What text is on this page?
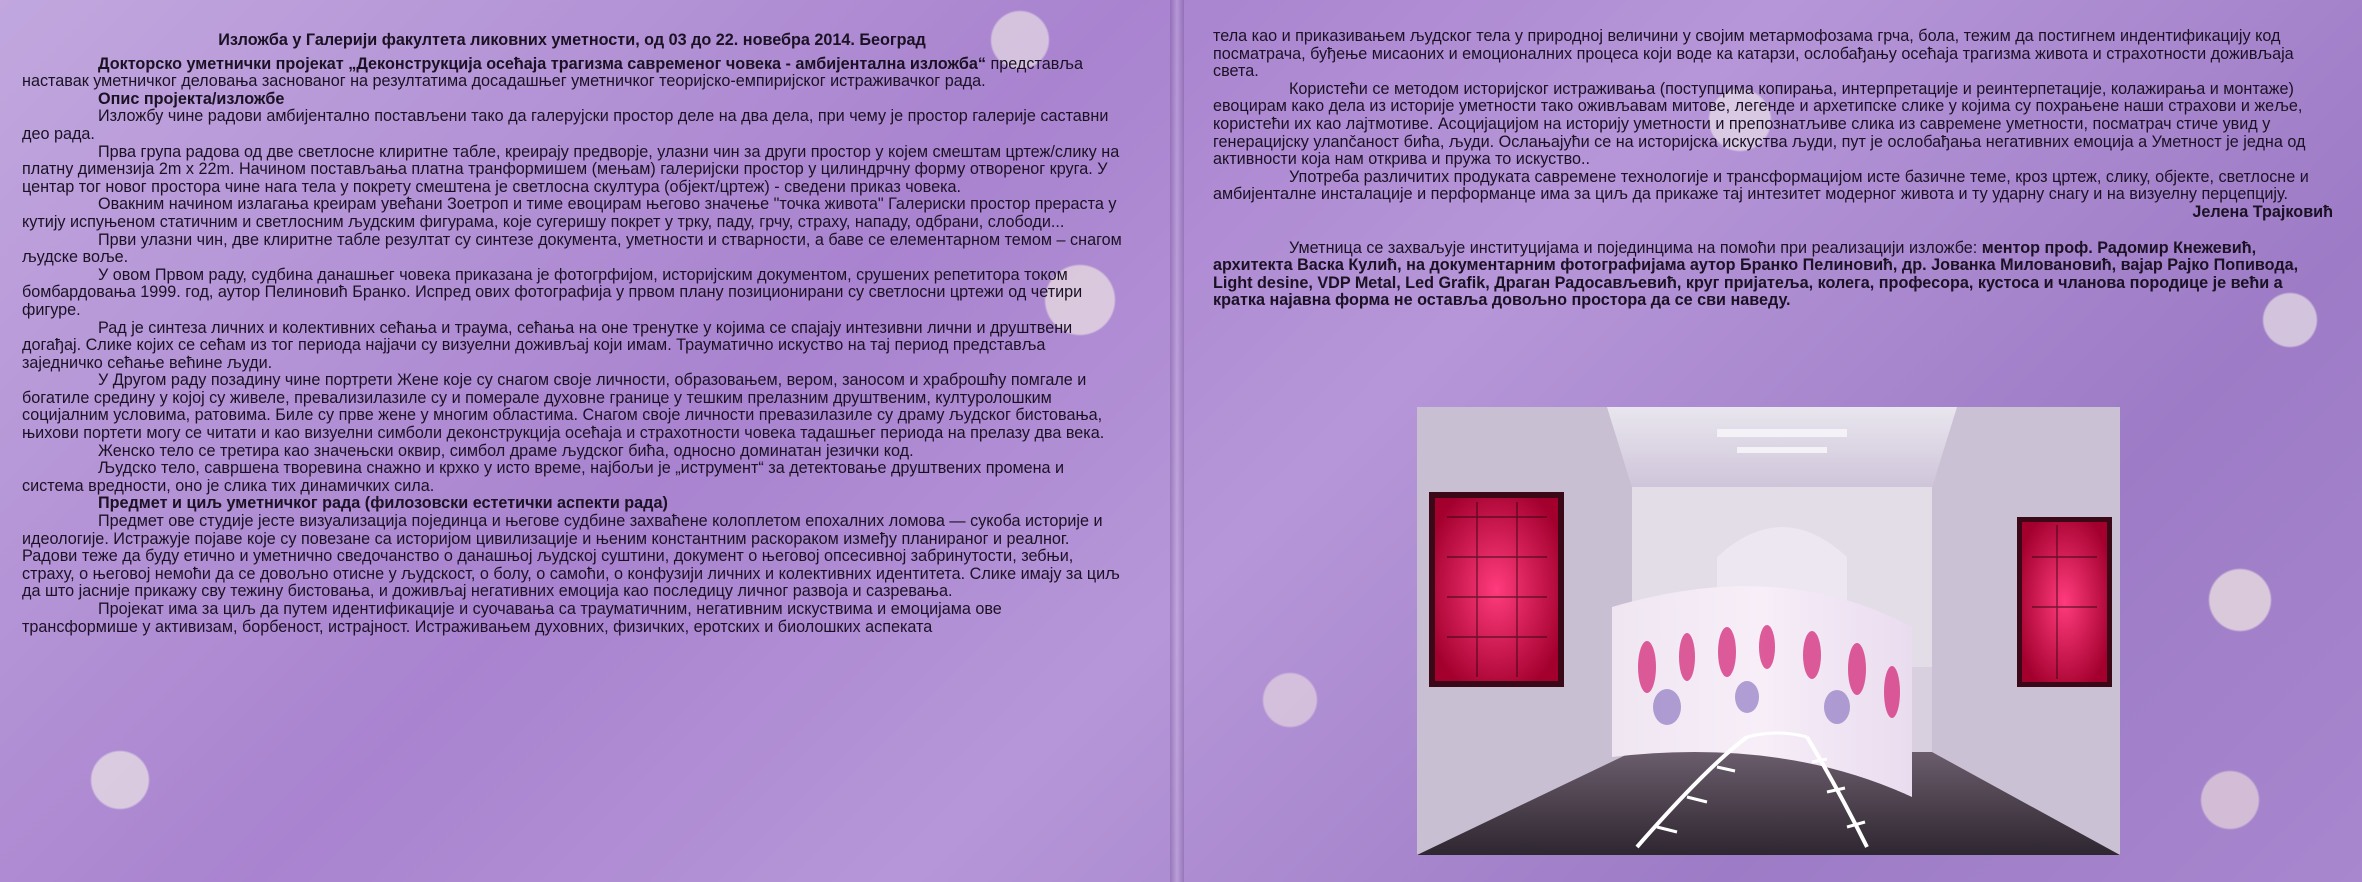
Изложба у Галерији факултета ликовних уметности, од 03 до 22. новебра 2014. Београд

Докторско уметнички пројекат „Деконструкција осећаја трагизма савременог човека - амбијентална изложба“ представља наставак уметничког деловања заснованог на резултатима досадашњег уметничког теоријско-емпиријског истраживачког рада.

Опис пројекта/изложбе

Изложбу чине радови амбијентално постављени тако да галерујски простор деле на два дела, при чему је простор галерије саставни део рада.

Прва група радова од две светлосне клиритне табле, креирају предворје, улазни чин за други простор у којем смештам цртеж/слику на платну димензија 2m x 22m. Начином постављања платна транформишем (мењам) галеријски простор у цилиндрчну форму отвореног круга. У центар тог новог простора чине нага тела у покрету смештена је светлосна скултура (објект/цртеж) - сведени приказ човека.

Овакним начином излагања креирам увећани Зоетроп и тиме евоцирам његово значење "точка живота" Галериски простор прераста у кутију испуњеном статичним и светлосним људским фигурама, које сугеришу покрет у трку, паду, грчу, страху, нападу, одбрани, слободи...

Први улазни чин, две клиритне табле резултат су синтезе документа, уметности и стварности, а баве се елементарном темом – снагом људске воље.

У овом Првом раду, судбина данашњег човека приказана је фотогрфијом, историјским документом, срушених репетитора током бомбардовања 1999. год, аутор Пелиновић Бранко. Испред ових фотографија у првом плану позиционирани су светлосни цртежи од четири фигуре.

Рад је синтеза личних и колективних сећања и траума, сећања на оне тренутке у којима се спајају интезивни лични и друштвени догађај. Слике којих се сећам из тог периода најјачи су визуелни доживљај који имам. Трауматично искуство на тај период представља заједничко сећање већине људи.

У Другом раду позадину чине портрети Жене које су снагом своје личности, образовањем, вером, заносом и храброшћу помгале и богатиле средину у којој су живеле, превализилазиле су и померале духовне границе у тешким прелазним друштвеним, културолошким социјалним условима, ратовима. Биле су прве жене у многим областима. Снагом своје личности превазилазиле су драму људског бистовања, њихови портети могу се читати и као визуелни симболи деконструкција осећаја и страхотности човека тадашњег периода на прелазу два века.

Женско тело се третира као значењски оквир, симбол драме људског бића, односно доминатан језички код.

Људско тело, савршена творевина снажно и крхко у исто време, најбољи је „иструмент“ за детектовање друштвених промена и система вредности, оно је слика тих динамичких сила.

Предмет и циљ уметничког рада (филозовски естетички аспекти рада)

Предмет ове студије јесте визуализација појединца и његове судбине захваћене колоплетом епохалних ломова — сукоба историје и идеологије. Истражује појаве које су повезане са историјом цивилизације и њеним константним раскораком између планираног и реалног. Радови теже да буду етично и уметнично сведочанство о данашњој људској суштини, документ о његовој опсесивној забринутости, зебњи, страху, о његовој немоћи да се довољно отисне у људскост, о болу, о самоћи, о конфузији личних и колективних идентитета. Слике имају за циљ да што јасније прикажу сву тежину бистовања, и доживљај негативних емоција као последицу личног развоја и сазревања.

Пројекат има за циљ да путем идентификације и суочавања са трауматичним, негативним искуствима и емоцијама ове трансформише у активизам, борбеност, истрајност. Истраживањем духовних, физичких, еротских и биолошких аспеката

тела као и приказивањем људског тела у природној величини у својим метармофозама грча, бола, тежим да постигнем индентификацију код посматрача, буђење мисаоних и емоционалних процеса који воде ка катарзи, ослобађању осећаја трагизма живота и страхотности доживљаја света.

Користећи се методом историјског истраживања (поступцима копирања, интерпретације и реинтерпетације, колажирања и монтаже) евоцирам како делa из историје уметности тако оживљавам митове, легенде и архетипске слике у којима су похрањене наши страхови и жеље, користећи их као лајтмотиве. Асоцијацијом на историју уметности и препознатљиве слика из савремене уметности, посматрач стиче увид у генерацијску улančаност бића, људи. Ослањајући се на историјска искуства људи, пут је ослобађања негативних емоција а Уметност је једна од активности која нам открива и пружа то искуство..

Употреба различитих продуката савремене технологије и трансформацијом исте базичне теме, кроз цртеж, слику, објекте, светлосне и амбијенталне инсталације и перформанце има за циљ да прикаже тај интезитет модерног живота и ту ударну снагу и на визуелну перцепцију.

Јелена Трајковић

Уметница се захваљује институцијама и појединцима на помоћи при реализацији изложбе: ментор проф. Радомир Кнежевић, архитекта Васка Кулић, на документарним фотографијама аутор Бранко Пелиновић, др. Јованка Миловановић, вајар Рајко Попивода, Light desine, VDP Metal, Led Grafik, Драган Радосављевић, круг пријатеља, колега, професора, кустоса и чланова породице је већи а кратка најавна форма не оставља довољно простора да се сви наведу.
